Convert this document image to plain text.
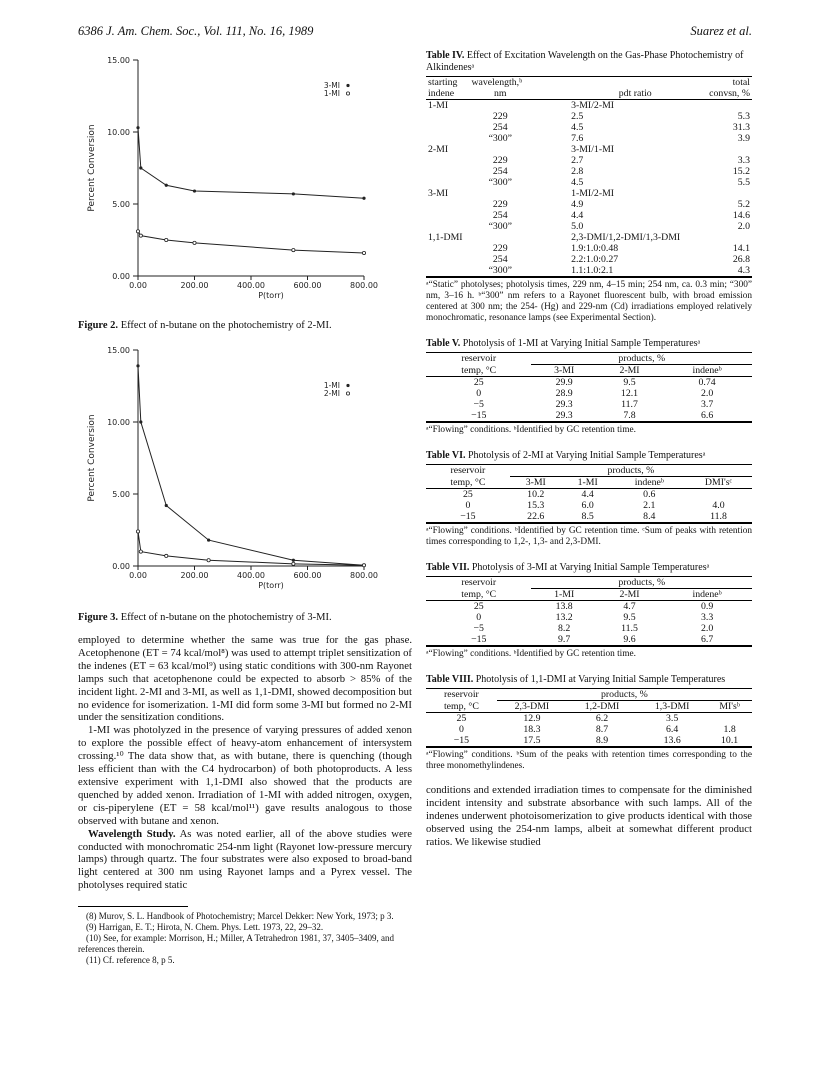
6386 J. Am. Chem. Soc., Vol. 111, No. 16, 1989	Suarez et al.
0.00
5.00
10.00
15.00
0.00	200.00	400.00	600.00	800.00
P(torr)
Percent Conversion
3-MI
1-MI
Figure 2. Effect of n-butane on the photochemistry of 2-MI.
0.00
5.00
10.00
15.00
0.00	200.00	400.00	600.00	800.00
P(torr)
Percent Conversion
1-MI
2-MI
Figure 3. Effect of n-butane on the photochemistry of 3-MI.

employed to determine whether the same was true for the gas phase. Acetophenone (ET = 74 kcal/mol⁸) was used to attempt triplet sensitization of the indenes (ET = 63 kcal/mol⁹) using static conditions with 300-nm Rayonet lamps such that acetophenone could be expected to absorb > 85% of the incident light. 2-MI and 3-MI, as well as 1,1-DMI, showed decomposition but no evidence for isomerization. 1-MI did form some 3-MI but formed no 2-MI under the sensitization conditions.

1-MI was photolyzed in the presence of varying pressures of added xenon to explore the possible effect of heavy-atom enhancement of intersystem crossing.¹⁰ The data show that, as with butane, there is quenching (though less efficient than with the C4 hydrocarbon) of both photoproducts. A less extensive experiment with 1,1-DMI also showed that the products are quenched by added xenon. Irradiation of 1-MI with added nitrogen, oxygen, or cis-piperylene (ET = 58 kcal/mol¹¹) gave results analogous to those observed with butane and xenon.

Wavelength Study. As was noted earlier, all of the above studies were conducted with monochromatic 254-nm light (Rayonet low-pressure mercury lamps) through quartz. The four substrates were also exposed to broad-band light centered at 300 nm using Rayonet lamps and a Pyrex vessel. The photolyses required static

(8) Murov, S. L. Handbook of Photochemistry; Marcel Dekker: New York, 1973; p 3.

(9) Harrigan, E. T.; Hirota, N. Chem. Phys. Lett. 1973, 22, 29–32.

(10) See, for example: Morrison, H.; Miller, A Tetrahedron 1981, 37, 3405–3409, and references therein.

(11) Cf. reference 8, p 5.

Table IV. Effect of Excitation Wavelength on the Gas-Phase Photochemistry of Alkindenesᵃ
starting	wavelength,ᵇ		total
indene	nm	pdt ratio	convsn, %
1-MI		3-MI/2-MI	
	229	2.5	5.3
	254	4.5	31.3
	“300”	7.6	3.9
2-MI		3-MI/1-MI	
	229	2.7	3.3
	254	2.8	15.2
	“300”	4.5	5.5
3-MI		1-MI/2-MI	
	229	4.9	5.2
	254	4.4	14.6
	“300”	5.0	2.0
1,1-DMI		2,3-DMI/1,2-DMI/1,3-DMI	
	229	1.9:1.0:0.48	14.1
	254	2.2:1.0:0.27	26.8
	“300”	1.1:1.0:2.1	4.3
ᵃ“Static” photolyses; photolysis times, 229 nm, 4–15 min; 254 nm, ca. 0.3 min; “300” nm, 3–16 h. ᵇ“300” nm refers to a Rayonet fluorescent bulb, with broad emission centered at 300 nm; the 254- (Hg) and 229-nm (Cd) irradiations employed relatively monochromatic, resonance lamps (see Experimental Section).
Table V. Photolysis of 1-MI at Varying Initial Sample Temperaturesᵃ
reservoir	products, %		
temp, °C	3-MI	2-MI	indeneᵇ
25	29.9	9.5	0.74
0	28.9	12.1	2.0
−5	29.3	11.7	3.7
−15	29.3	7.8	6.6
ᵃ“Flowing” conditions. ᵇIdentified by GC retention time.
Table VI. Photolysis of 2-MI at Varying Initial Sample Temperaturesᵃ
reservoir	products, %			
temp, °C	3-MI	1-MI	indeneᵇ	DMI'sᶜ
25	10.2	4.4	0.6	
0	15.3	6.0	2.1	4.0
−15	22.6	8.5	8.4	11.8
ᵃ“Flowing” conditions. ᵇIdentified by GC retention time. ᶜSum of peaks with retention times corresponding to 1,2-, 1,3- and 2,3-DMI.
Table VII. Photolysis of 3-MI at Varying Initial Sample Temperaturesᵃ
reservoir	products, %		
temp, °C	1-MI	2-MI	indeneᵇ
25	13.8	4.7	0.9
0	13.2	9.5	3.3
−5	8.2	11.5	2.0
−15	9.7	9.6	6.7
ᵃ“Flowing” conditions. ᵇIdentified by GC retention time.
Table VIII. Photolysis of 1,1-DMI at Varying Initial Sample Temperatures
reservoir	products, %			
temp, °C	2,3-DMI	1,2-DMI	1,3-DMI	MI'sᵇ
25	12.9	6.2	3.5	
0	18.3	8.7	6.4	1.8
−15	17.5	8.9	13.6	10.1
ᵃ“Flowing” conditions. ᵇSum of the peaks with retention times corresponding to the three monomethylindenes.

conditions and extended irradiation times to compensate for the diminished incident intensity and substrate absorbance with such lamps. All of the indenes underwent photoisomerization to give products identical with those observed using the 254-nm lamps, albeit at somewhat different product ratios. We likewise studied
